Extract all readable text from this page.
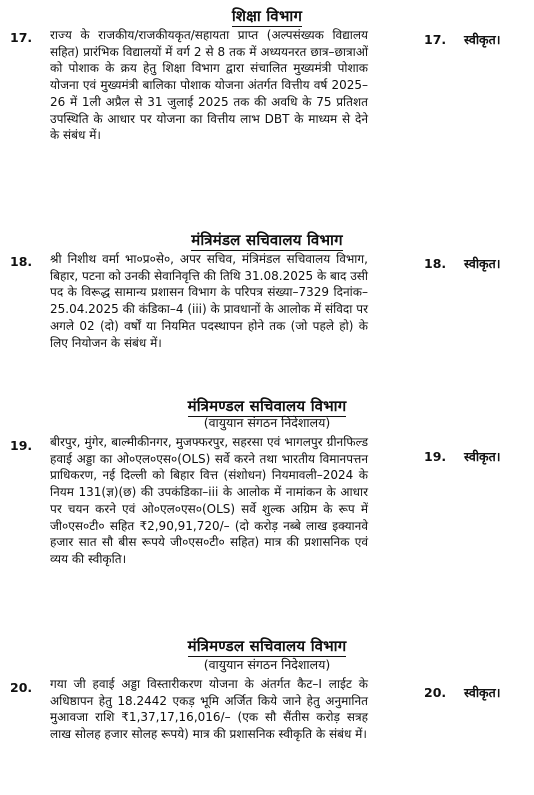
शिक्षा विभाग
17. राज्य के राजकीय/राजकीयकृत/सहायता प्राप्त (अल्पसंख्यक विद्यालय सहित) प्रारंभिक विद्यालयों में वर्ग 2 से 8 तक में अध्ययनरत छात्र–छात्राओं को पोशाक के क्रय हेतु शिक्षा विभाग द्वारा संचालित मुख्यमंत्री पोशाक योजना एवं मुख्यमंत्री बालिका पोशाक योजना अंतर्गत वित्तीय वर्ष 2025–26 में 1ली अप्रैल से 31 जुलाई 2025 तक की अवधि के 75 प्रतिशत उपस्थिति के आधार पर योजना का वित्तीय लाभ DBT के माध्यम से देने के संबंध में।
17. स्वीकृत।
मंत्रिमंडल सचिवालय विभाग
18. श्री निशीथ वर्मा भा०प्र०से०, अपर सचिव, मंत्रिमंडल सचिवालय विभाग, बिहार, पटना को उनकी सेवानिवृत्ति की तिथि 31.08.2025 के बाद उसी पद के विरूद्ध सामान्य प्रशासन विभाग के परिपत्र संख्या–7329 दिनांक–25.04.2025 की कंडिका–4 (iii) के प्रावधानों के आलोक में संविदा पर अगले 02 (दो) वर्षों या नियमित पदस्थापन होने तक (जो पहले हो) के लिए नियोजन के संबंध में।
18. स्वीकृत।
मंत्रिमण्डल सचिवालय विभाग
(वायुयान संगठन निदेशालय)
19. बीरपुर, मुंगेर, बाल्मीकीनगर, मुजफ्फरपुर, सहरसा एवं भागलपुर ग्रीनफिल्ड हवाई अड्डा का ओ०एल०एस०(OLS) सर्वे करने तथा भारतीय विमानपत्तन प्राधिकरण, नई दिल्ली को बिहार वित्त (संशोधन) नियमावली–2024 के नियम 131(ज्ञ)(छ) की उपकंडिका–iii के आलोक में नामांकन के आधार पर चयन करने एवं ओ०एल०एस०(OLS) सर्वे शुल्क अग्रिम के रूप में जी०एस०टी० सहित ₹2,90,91,720/– (दो करोड़ नब्बे लाख इक्यानवे हजार सात सौ बीस रूपये जी०एस०टी० सहित) मात्र की प्रशासनिक एवं व्यय की स्वीकृति।
19. स्वीकृत।
मंत्रिमण्डल सचिवालय विभाग
(वायुयान संगठन निदेशालय)
20. गया जी हवाई अड्डा विस्तारीकरण योजना के अंतर्गत कैट–I लाईट के अधिष्ठापन हेतु 18.2442 एकड़ भूमि अर्जित किये जाने हेतु अनुमानित मुआवजा राशि ₹1,37,17,16,016/– (एक सौ सैंतीस करोड़ सत्रह लाख सोलह हजार सोलह रूपये) मात्र की प्रशासनिक स्वीकृति के संबंध में।
20. स्वीकृत।
